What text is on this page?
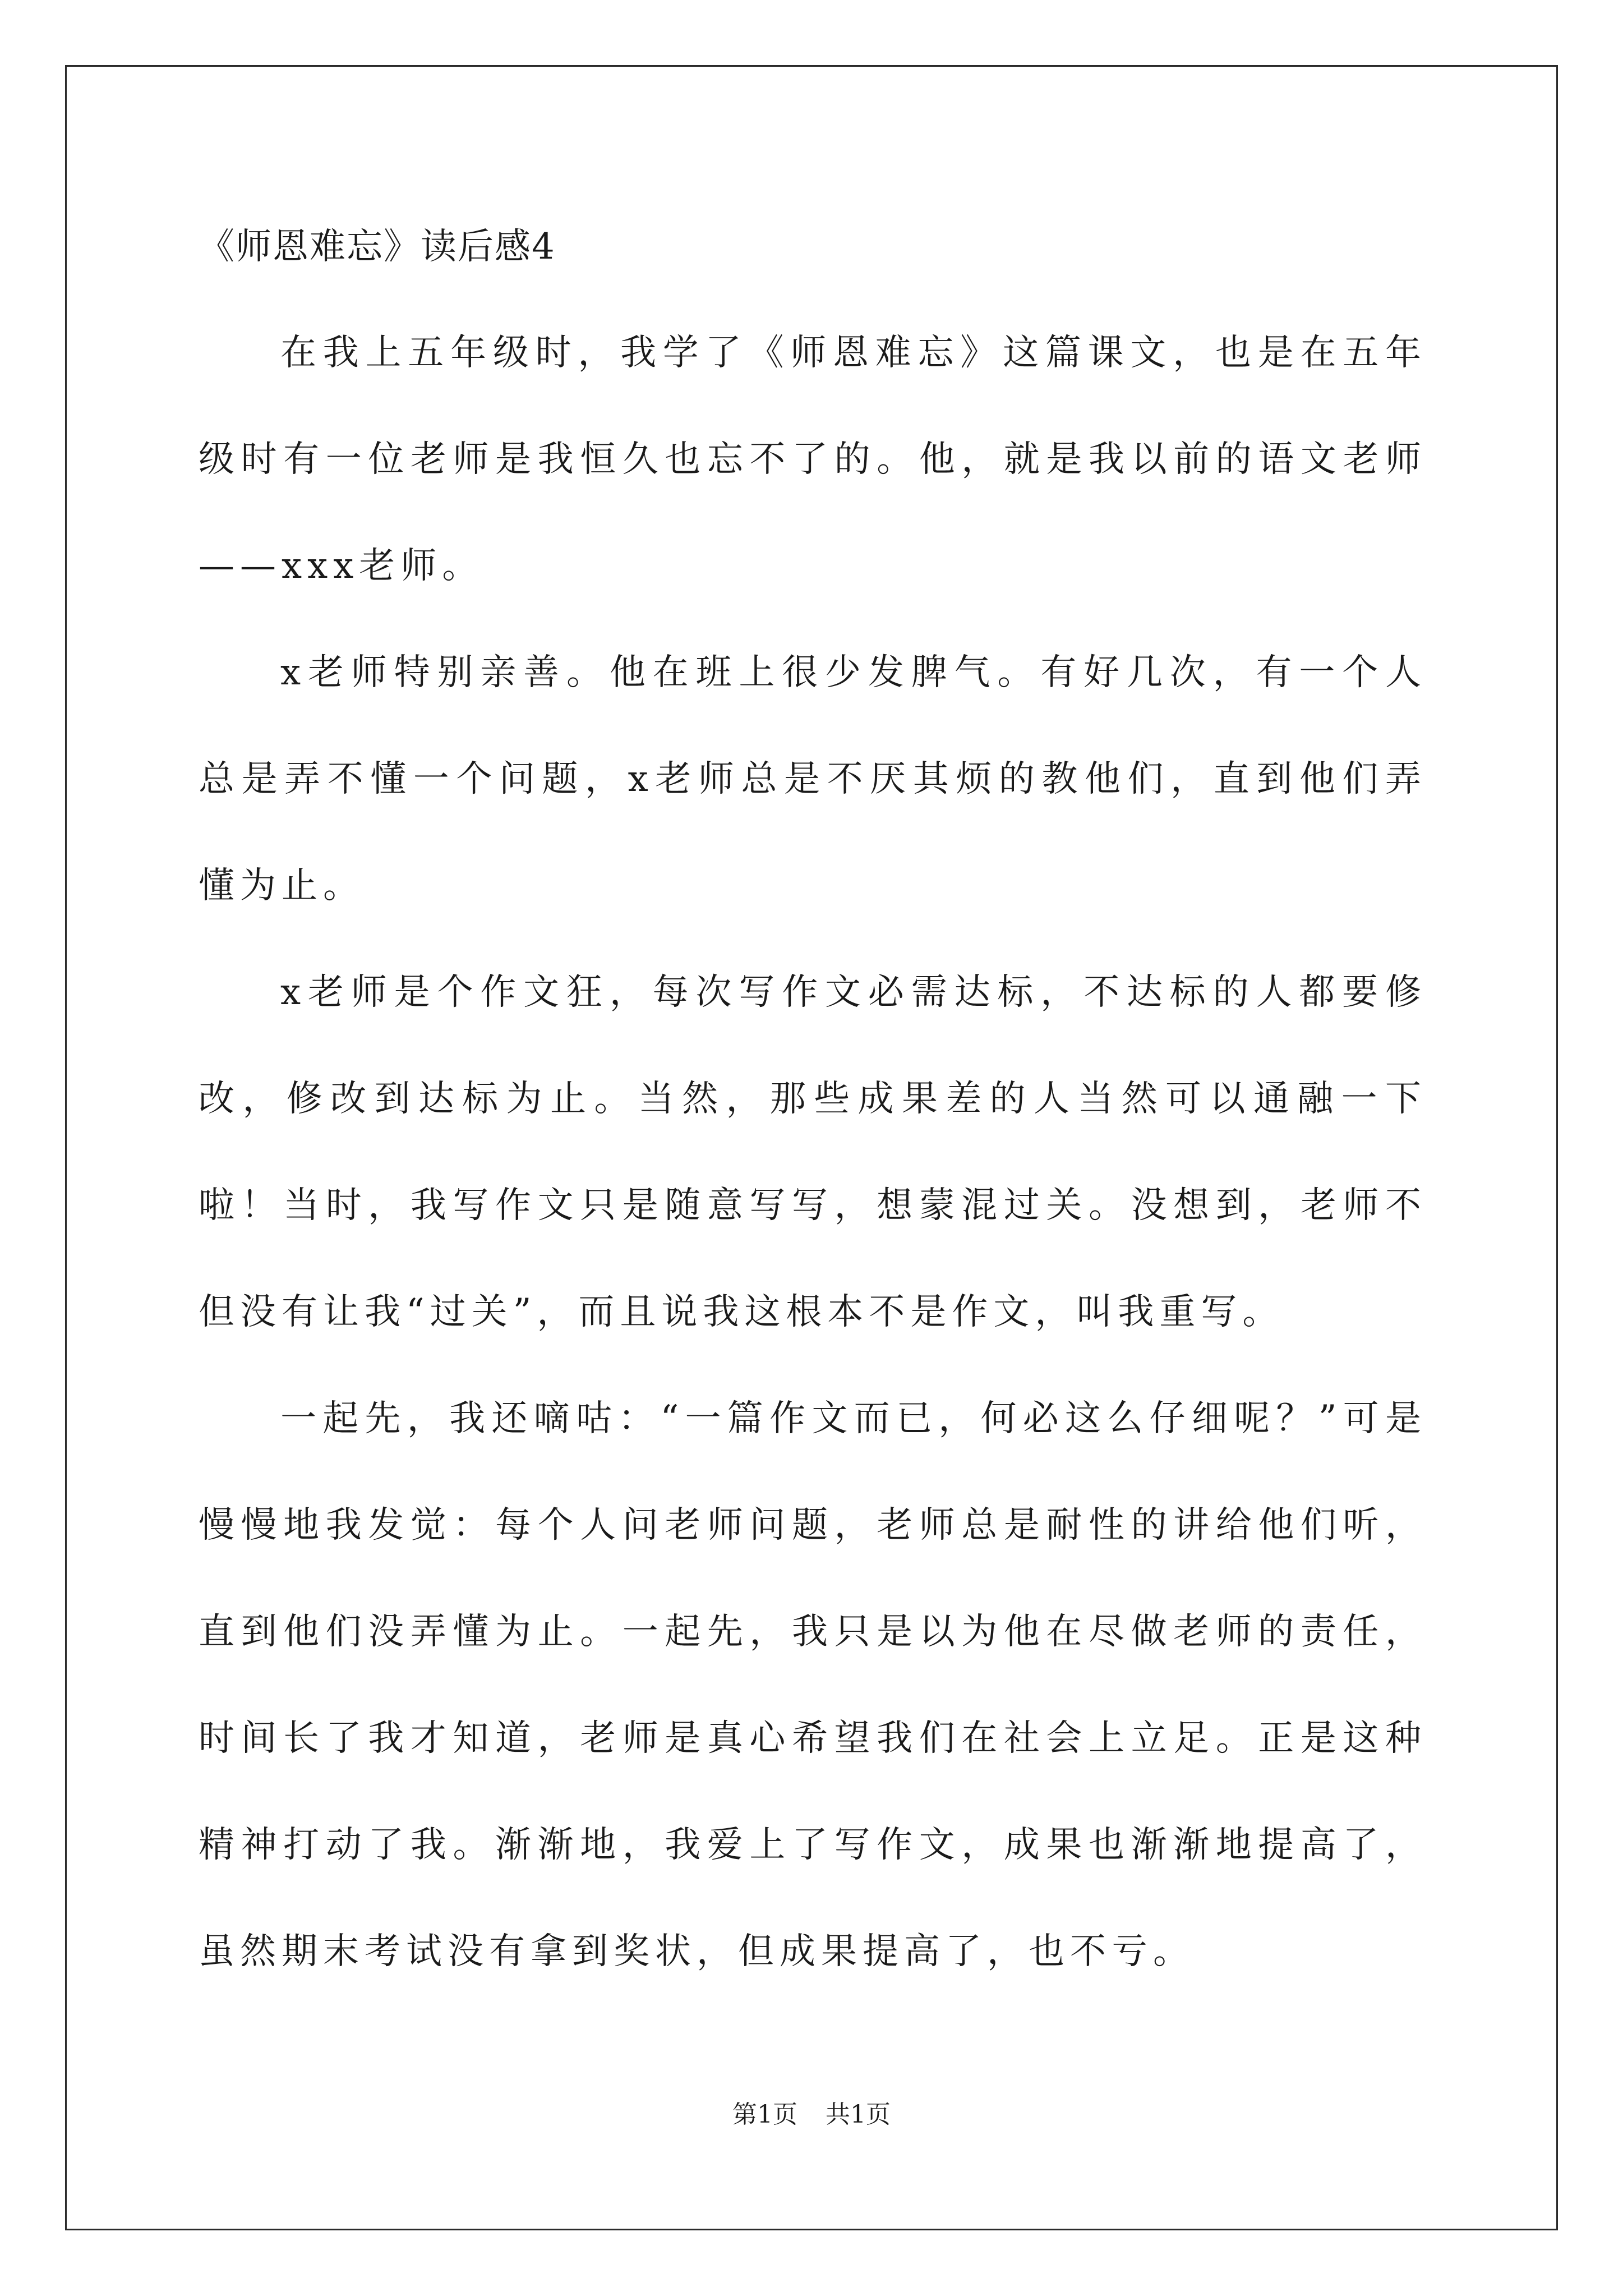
《师恩难忘》读后感4

在我上五年级时，我学了《师恩难忘》这篇课文，也是在五年级时有一位老师是我恒久也忘不了的。他，就是我以前的语文老师——xxx老师。

x老师特别亲善。他在班上很少发脾气。有好几次，有一个人总是弄不懂一个问题，x老师总是不厌其烦的教他们，直到他们弄懂为止。

x老师是个作文狂，每次写作文必需达标，不达标的人都要修改，修改到达标为止。当然，那些成果差的人当然可以通融一下啦！当时，我写作文只是随意写写，想蒙混过关。没想到，老师不但没有让我“过关”，而且说我这根本不是作文，叫我重写。

一起先，我还嘀咕：“一篇作文而已，何必这么仔细呢？”可是慢慢地我发觉：每个人问老师问题，老师总是耐性的讲给他们听，直到他们没弄懂为止。一起先，我只是以为他在尽做老师的责任，时间长了我才知道，老师是真心希望我们在社会上立足。正是这种精神打动了我。渐渐地，我爱上了写作文，成果也渐渐地提高了，虽然期末考试没有拿到奖状，但成果提高了，也不亏。

第1页 共1页
